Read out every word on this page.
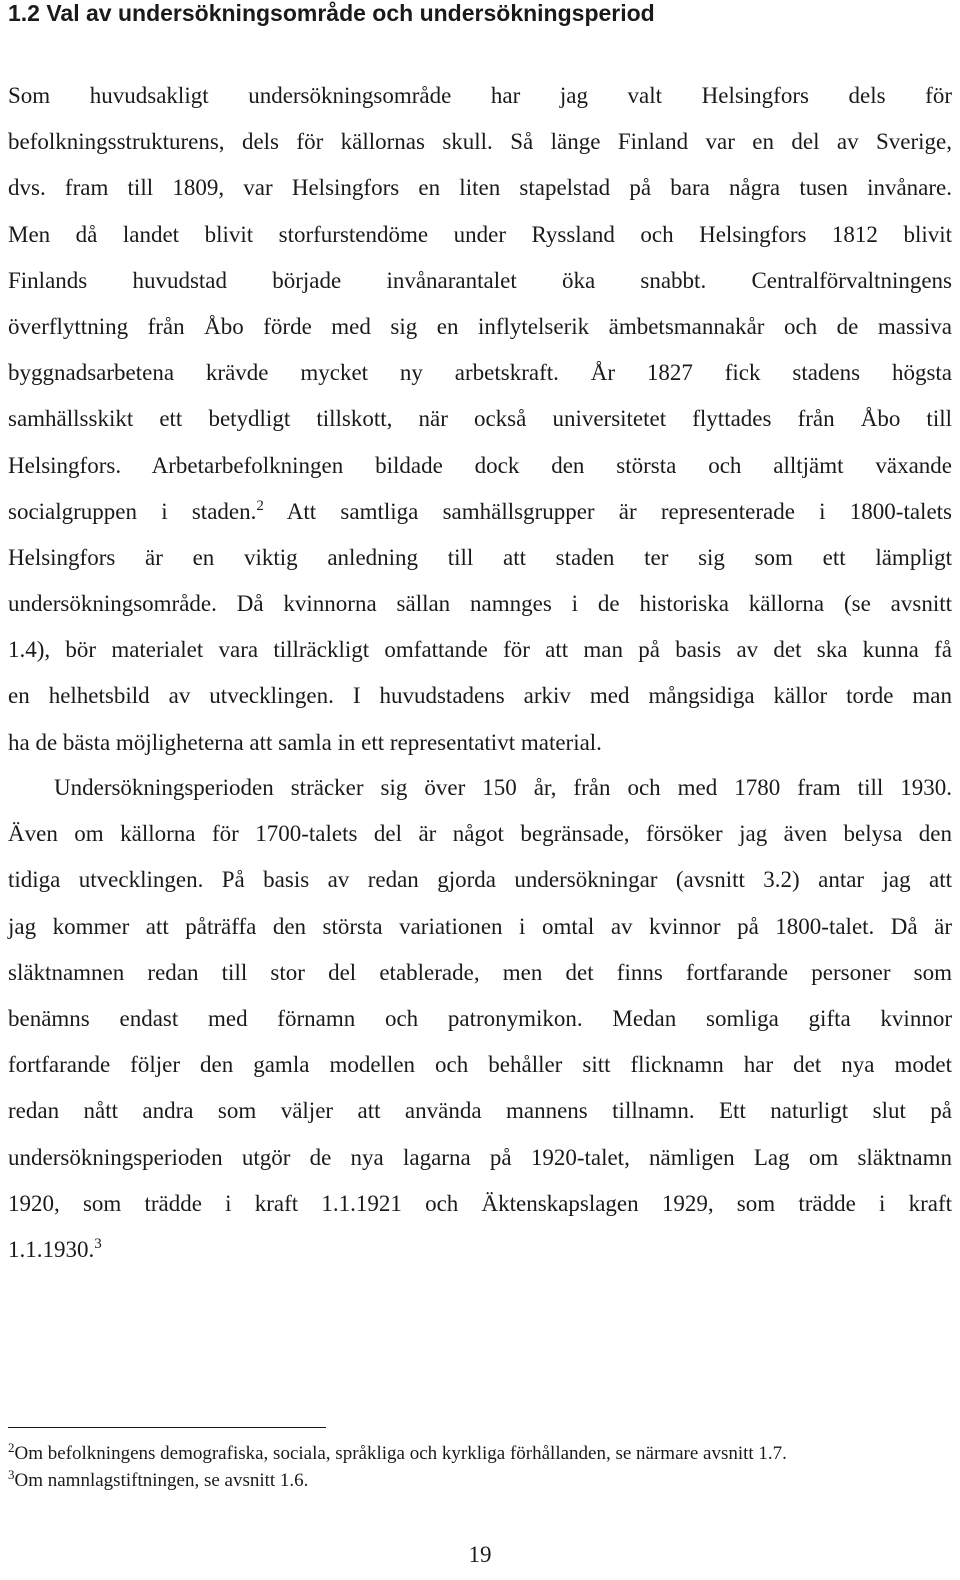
1.2 Val av undersökningsområde och undersökningsperiod
Som huvudsakligt undersökningsområde har jag valt Helsingfors dels för
befolkningsstrukturens, dels för källornas skull. Så länge Finland var en del av Sverige,
dvs. fram till 1809, var Helsingfors en liten stapelstad på bara några tusen invånare.
Men då landet blivit storfurstendöme under Ryssland och Helsingfors 1812 blivit
Finlands huvudstad började invånarantalet öka snabbt. Centralförvaltningens
överflyttning från Åbo förde med sig en inflytelserik ämbetsmannakår och de massiva
byggnadsarbetena krävde mycket ny arbetskraft. År 1827 fick stadens högsta
samhällsskikt ett betydligt tillskott, när också universitetet flyttades från Åbo till
Helsingfors. Arbetarbefolkningen bildade dock den största och alltjämt växande
socialgruppen i staden.$^2$ Att samtliga samhällsgrupper är representerade i 1800-talets
Helsingfors är en viktig anledning till att staden ter sig som ett lämpligt
undersökningsområde. Då kvinnorna sällan namnges i de historiska källorna (se avsnitt
1.4), bör materialet vara tillräckligt omfattande för att man på basis av det ska kunna få
en helhetsbild av utvecklingen. I huvudstadens arkiv med mångsidiga källor torde man
ha de bästa möjligheterna att samla in ett representativt material.
Undersökningsperioden sträcker sig över 150 år, från och med 1780 fram till 1930.
Även om källorna för 1700-talets del är något begränsade, försöker jag även belysa den
tidiga utvecklingen. På basis av redan gjorda undersökningar (avsnitt 3.2) antar jag att
jag kommer att påträffa den största variationen i omtal av kvinnor på 1800-talet. Då är
släktnamnen redan till stor del etablerade, men det finns fortfarande personer som
benämns endast med förnamn och patronymikon. Medan somliga gifta kvinnor
fortfarande följer den gamla modellen och behåller sitt flicknamn har det nya modet
redan nått andra som väljer att använda mannens tillnamn. Ett naturligt slut på
undersökningsperioden utgör de nya lagarna på 1920-talet, nämligen Lag om släktnamn
1920, som trädde i kraft 1.1.1921 och Äktenskapslagen 1929, som trädde i kraft
1.1.1930.$^3$
$^2$Om befolkningens demografiska, sociala, språkliga och kyrkliga förhållanden, se närmare avsnitt 1.7.
$^3$Om namnlagstiftningen, se avsnitt 1.6.
19
